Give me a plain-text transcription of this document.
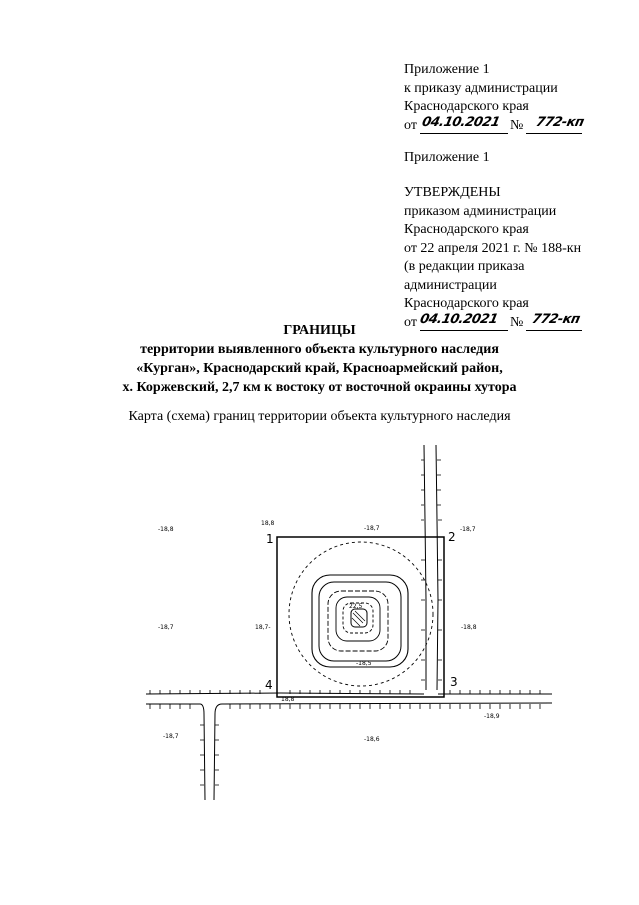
Приложение 1
к приказу администрации
Краснодарского края
от 04.10.2021 № 772-кп
Приложение 1
УТВЕРЖДЕНЫ
приказом администрации
Краснодарского края
от 22 апреля 2021 г. № 188-кн
(в редакции приказа
администрации
Краснодарского края
от 04.10.2021 № 772-кп
ГРАНИЦЫ
территории выявленного объекта культурного наследия
«Курган», Краснодарский край, Красноармейский район,
х. Коржевский, 2,7 км к востоку от восточной окраины хутора
Карта (схема) границ территории объекта культурного наследия
1	2
3
4
-18,8
18,8
-18,7	-18,7
-18,7	18,7-	-18,8
22,5
-18,5
18,8
-18,9
-18,7	-18,6
